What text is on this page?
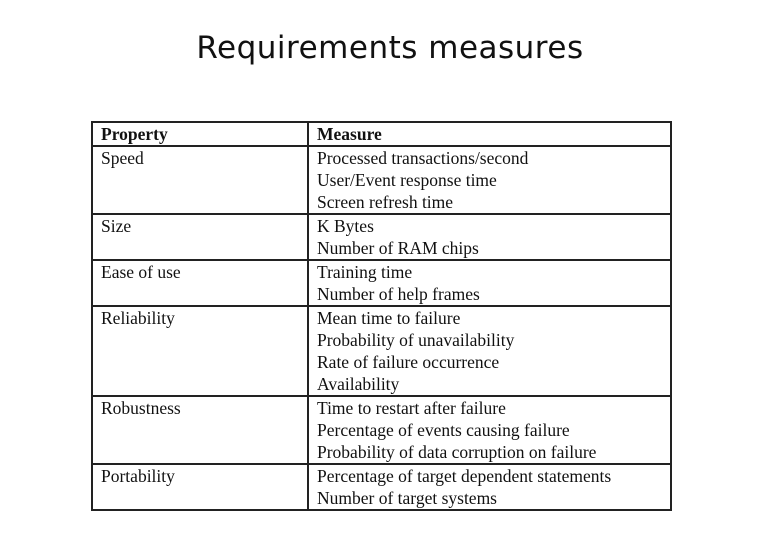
Requirements measures
Property	Measure
Speed	Processed transactions/second
User/Event response time
Screen refresh time

Size	K Bytes
Number of RAM chips

Ease of use	Training time
Number of help frames

Reliability	Mean time to failure
Probability of unavailability
Rate of failure occurrence
Availability

Robustness	Time to restart after failure
Percentage of events causing failure
Probability of data corruption on failure

Portability	Percentage of target dependent statements
Number of target systems
